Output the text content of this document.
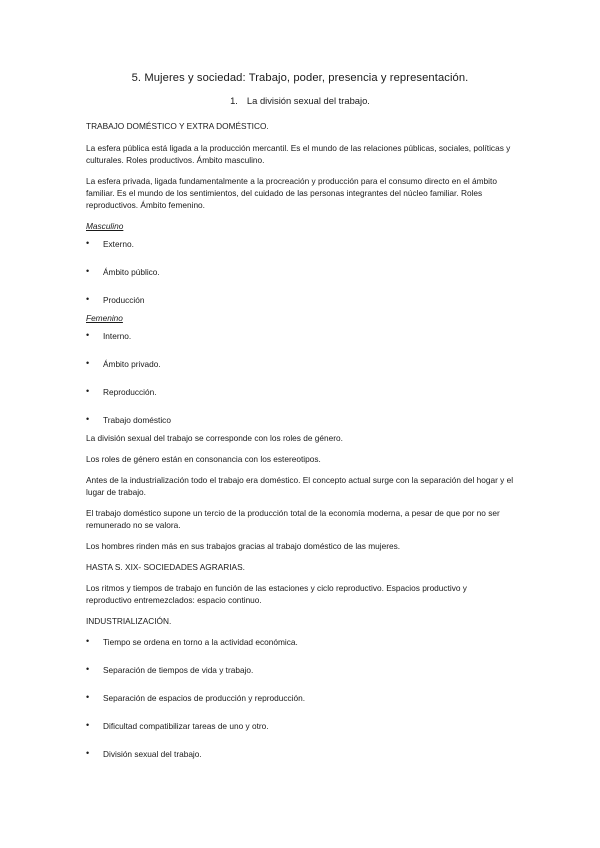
5. Mujeres y sociedad: Trabajo, poder, presencia y representación.
1. La división sexual del trabajo.

TRABAJO DOMÉSTICO Y EXTRA DOMÉSTICO.

La esfera pública está ligada a la producción mercantil. Es el mundo de las relaciones públicas, sociales, políticas y culturales. Roles productivos. Ámbito masculino.

La esfera privada, ligada fundamentalmente a la procreación y producción para el consumo directo en el ámbito familiar. Es el mundo de los sentimientos, del cuidado de las personas integrantes del núcleo familiar. Roles reproductivos. Ámbito femenino.

Masculino

• Externo.
• Ámbito público.
• Producción

Femenino

• Interno.
• Ámbito privado.
• Reproducción.
• Trabajo doméstico

La división sexual del trabajo se corresponde con los roles de género.

Los roles de género están en consonancia con los estereotipos.

Antes de la industrialización todo el trabajo era doméstico. El concepto actual surge con la separación del hogar y el lugar de trabajo.

El trabajo doméstico supone un tercio de la producción total de la economía moderna, a pesar de que por no ser remunerado no se valora.

Los hombres rinden más en sus trabajos gracias al trabajo doméstico de las mujeres.

HASTA S. XIX- SOCIEDADES AGRARIAS.

Los ritmos y tiempos de trabajo en función de las estaciones y ciclo reproductivo. Espacios productivo y reproductivo entremezclados: espacio continuo.

INDUSTRIALIZACIÓN.

• Tiempo se ordena en torno a la actividad económica.
• Separación de tiempos de vida y trabajo.
• Separación de espacios de producción y reproducción.
• Dificultad compatibilizar tareas de uno y otro.
• División sexual del trabajo.
